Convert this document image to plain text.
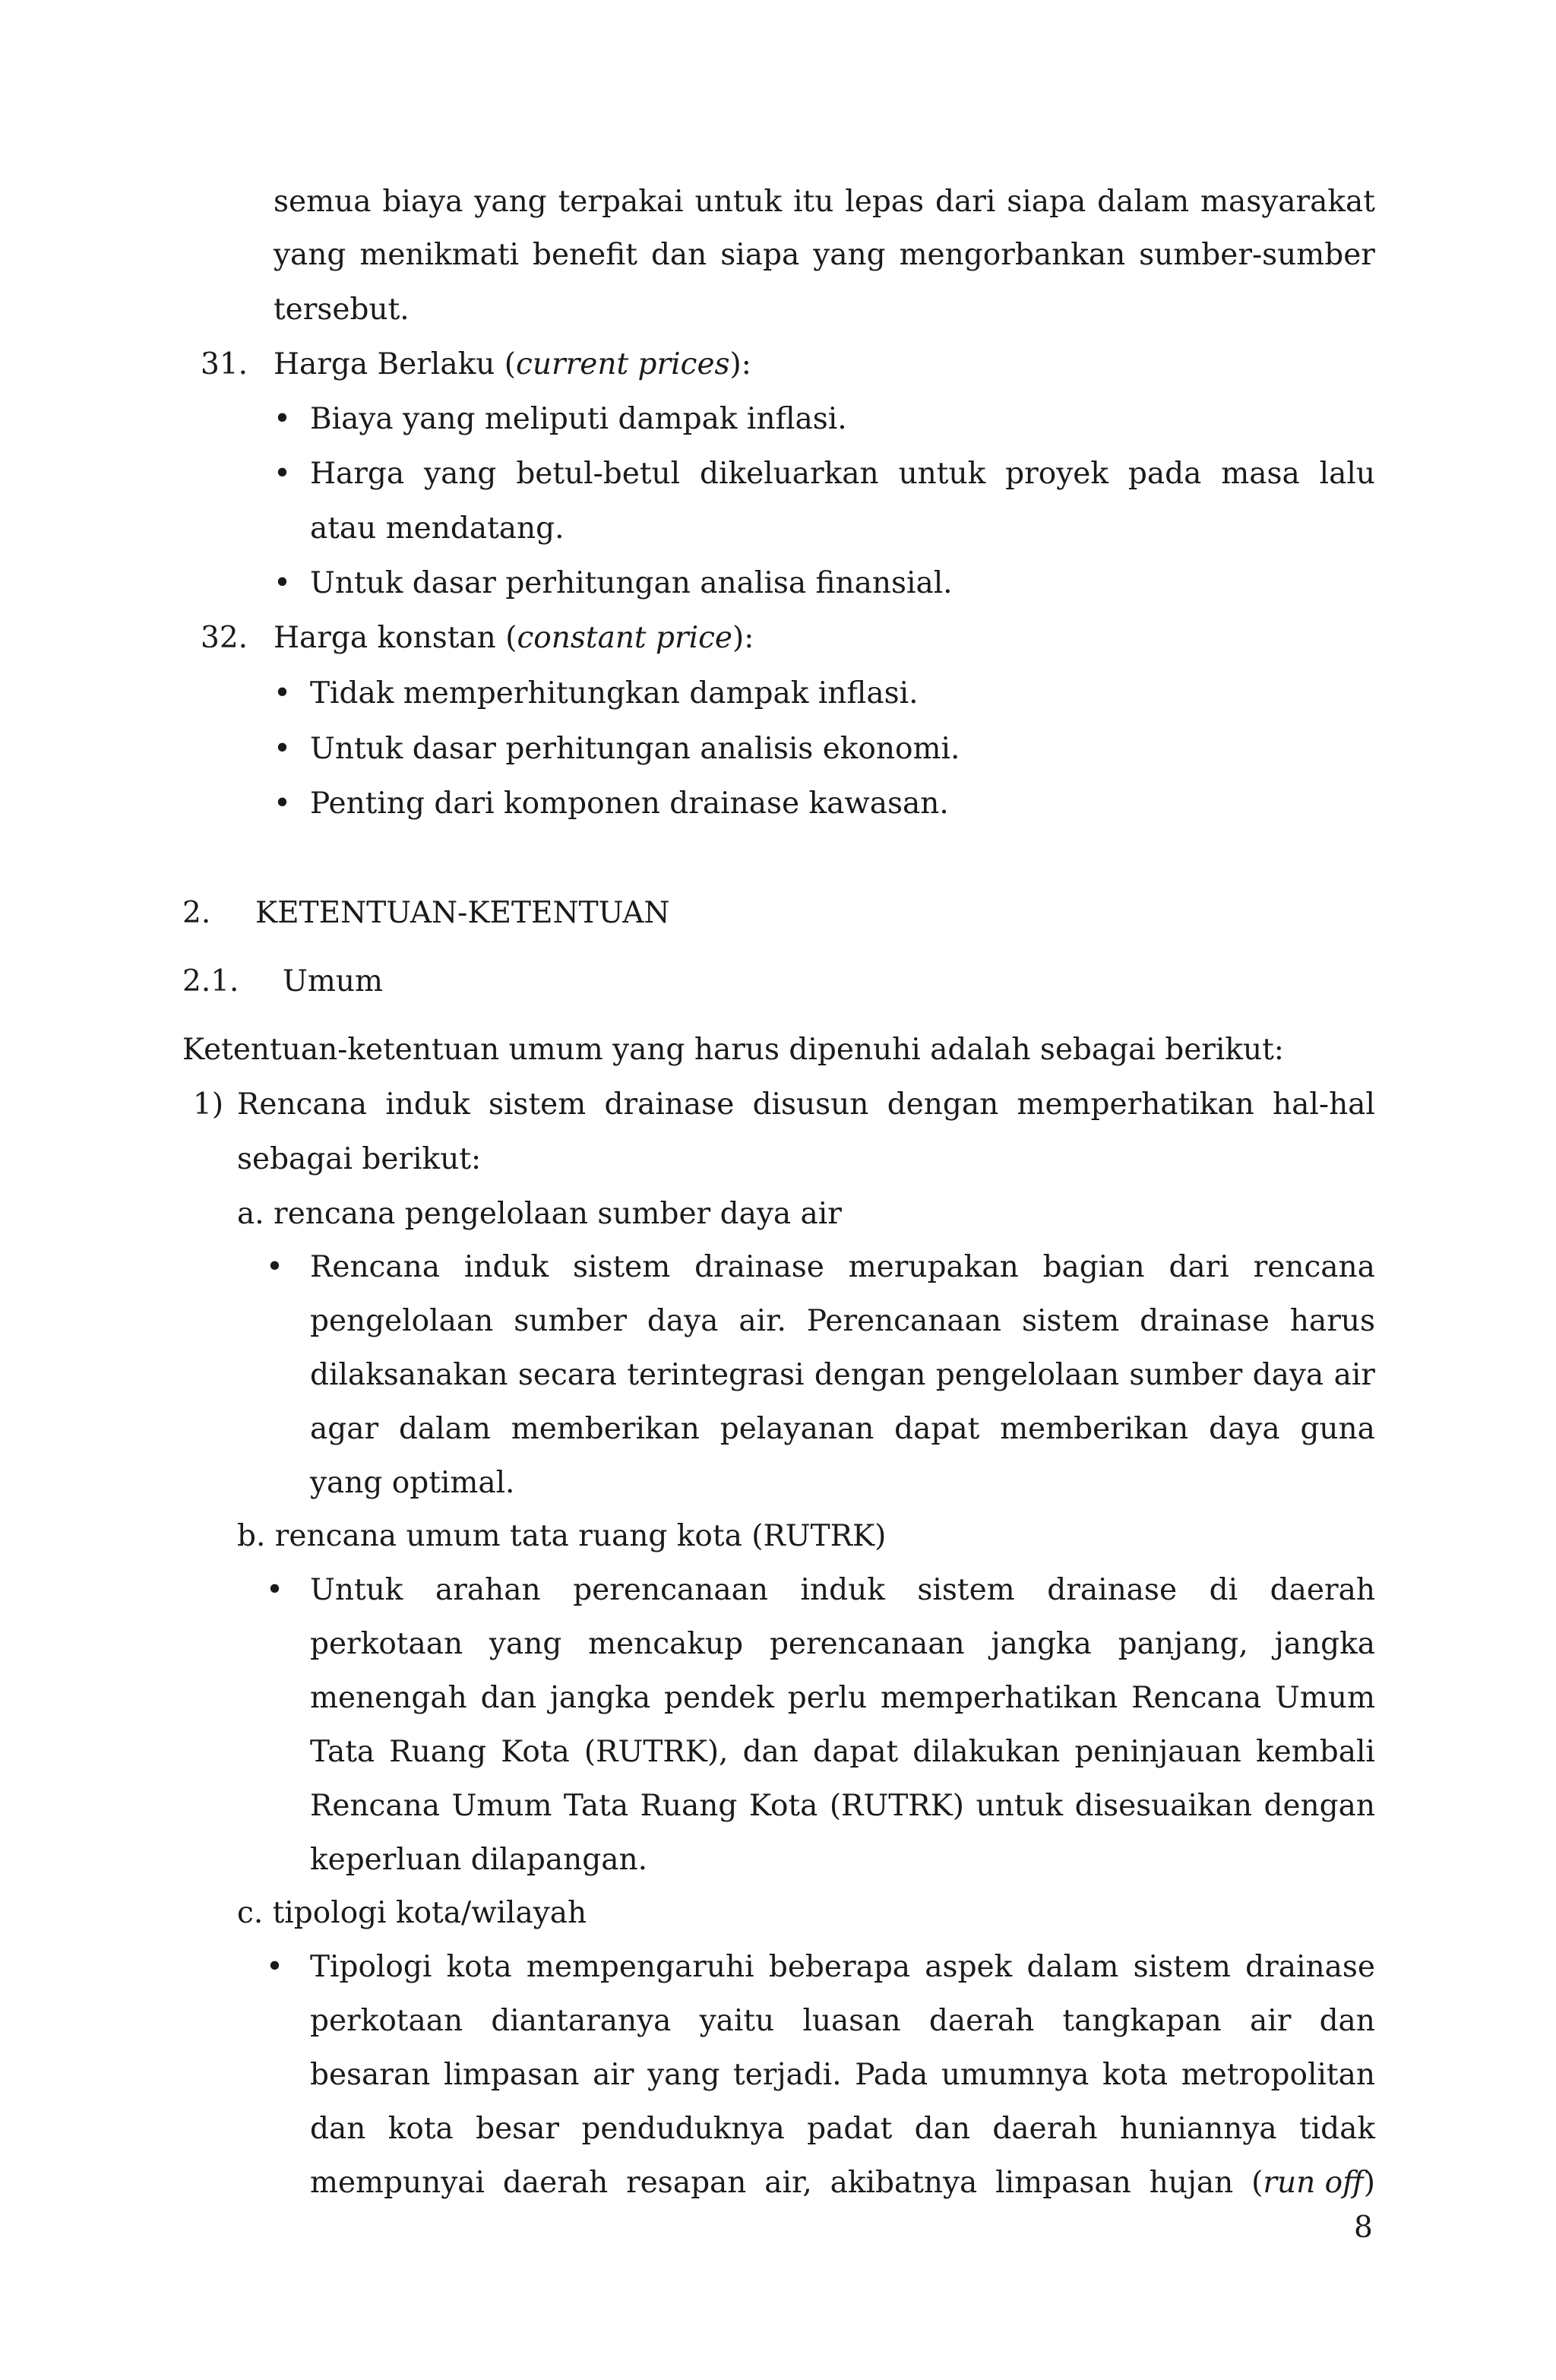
semua biaya yang terpakai untuk itu lepas dari siapa dalam masyarakat
yang menikmati benefit dan siapa yang mengorbankan sumber-sumber
tersebut.
31. Harga Berlaku (current prices):
• Biaya yang meliputi dampak inflasi.
• Harga yang betul-betul dikeluarkan untuk proyek pada masa lalu
atau mendatang.
• Untuk dasar perhitungan analisa finansial.
32. Harga konstan (constant price):
• Tidak memperhitungkan dampak inflasi.
• Untuk dasar perhitungan analisis ekonomi.
• Penting dari komponen drainase kawasan.
2. KETENTUAN-KETENTUAN
2.1. Umum
Ketentuan-ketentuan umum yang harus dipenuhi adalah sebagai berikut:
1) Rencana induk sistem drainase disusun dengan memperhatikan hal-hal
sebagai berikut:
a. rencana pengelolaan sumber daya air
• Rencana induk sistem drainase merupakan bagian dari rencana
pengelolaan sumber daya air. Perencanaan sistem drainase harus
dilaksanakan secara terintegrasi dengan pengelolaan sumber daya air
agar dalam memberikan pelayanan dapat memberikan daya guna
yang optimal.
b. rencana umum tata ruang kota (RUTRK)
• Untuk arahan perencanaan induk sistem drainase di daerah
perkotaan yang mencakup perencanaan jangka panjang, jangka
menengah dan jangka pendek perlu memperhatikan Rencana Umum
Tata Ruang Kota (RUTRK), dan dapat dilakukan peninjauan kembali
Rencana Umum Tata Ruang Kota (RUTRK) untuk disesuaikan dengan
keperluan dilapangan.
c. tipologi kota/wilayah
• Tipologi kota mempengaruhi beberapa aspek dalam sistem drainase
perkotaan diantaranya yaitu luasan daerah tangkapan air dan
besaran limpasan air yang terjadi. Pada umumnya kota metropolitan
dan kota besar penduduknya padat dan daerah huniannya tidak
mempunyai daerah resapan air, akibatnya limpasan hujan (run off)
8
